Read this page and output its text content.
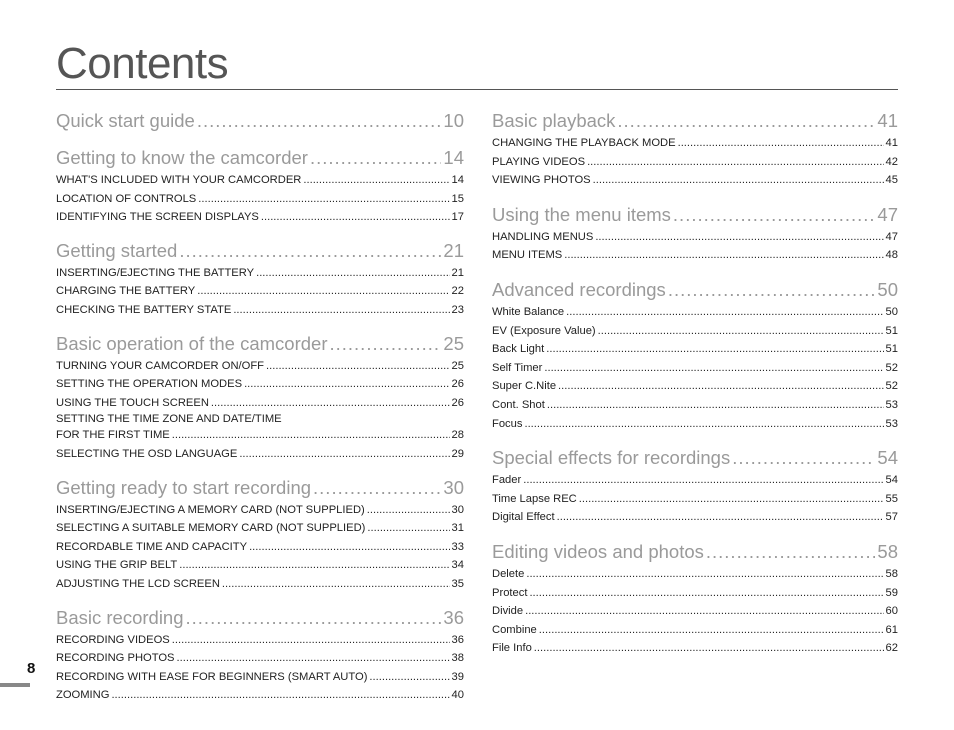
Contents
Quick start guide .....	10
Getting to know the camcorder .....	14
WHAT'S INCLUDED WITH YOUR CAMCORDER .....	14
LOCATION OF CONTROLS .....	15
IDENTIFYING THE SCREEN DISPLAYS .....	17
Getting started .....	21
INSERTING/EJECTING THE BATTERY .....	21
CHARGING THE BATTERY .....	22
CHECKING THE BATTERY STATE .....	23
Basic operation of the camcorder .....	25
TURNING YOUR CAMCORDER ON/OFF .....	25
SETTING THE OPERATION MODES .....	26
USING THE TOUCH SCREEN .....	26
SETTING THE TIME ZONE AND DATE/TIME
FOR THE FIRST TIME .....	28
SELECTING THE OSD LANGUAGE .....	29
Getting ready to start recording .....	30
INSERTING/EJECTING A MEMORY CARD (NOT SUPPLIED) .....	30
SELECTING A SUITABLE MEMORY CARD (NOT SUPPLIED) .....	31
RECORDABLE TIME AND CAPACITY .....	33
USING THE GRIP BELT .....	34
ADJUSTING THE LCD SCREEN .....	35
Basic recording .....	36
RECORDING VIDEOS .....	36
RECORDING PHOTOS .....	38
RECORDING WITH EASE FOR BEGINNERS (SMART AUTO) .....	39
ZOOMING .....	40
Basic playback .....	41
CHANGING THE PLAYBACK MODE .....	41
PLAYING VIDEOS .....	42
VIEWING PHOTOS .....	45
Using the menu items .....	47
HANDLING MENUS .....	47
MENU ITEMS .....	48
Advanced recordings .....	50
White Balance .....	50
EV (Exposure Value) .....	51
Back Light .....	51
Self Timer .....	52
Super C.Nite .....	52
Cont. Shot .....	53
Focus .....	53
Special effects for recordings .....	54
Fader .....	54
Time Lapse REC .....	55
Digital Effect .....	57
Editing videos and photos .....	58
Delete .....	58
Protect .....	59
Divide .....	60
Combine .....	61
File Info .....	62
8
